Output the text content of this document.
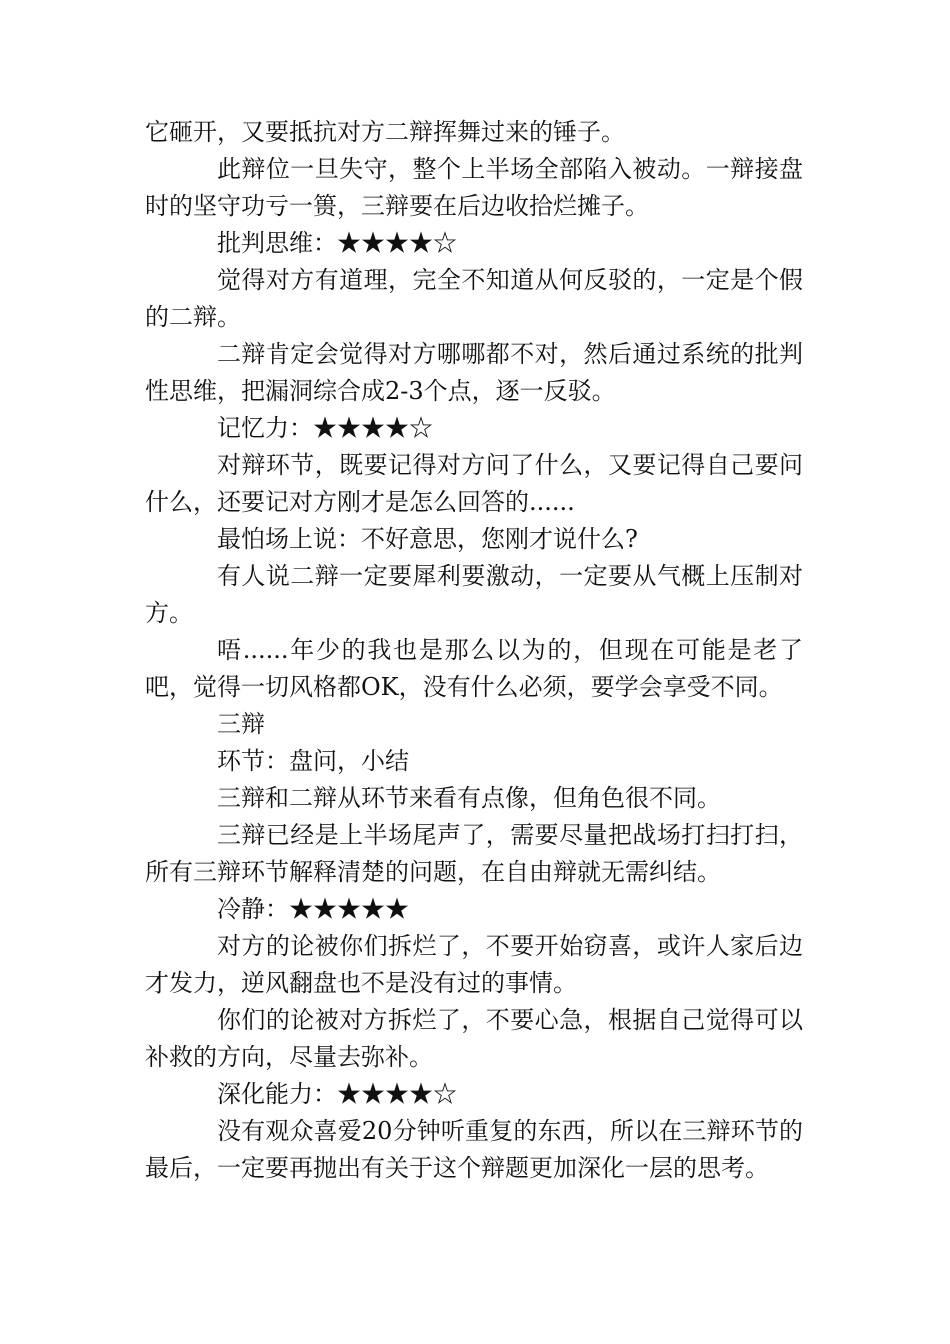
它砸开，又要抵抗对方二辩挥舞过来的锤子。

此辩位一旦失守，整个上半场全部陷入被动。一辩接盘时的坚守功亏一篑，三辩要在后边收拾烂摊子。

批判思维：★★★★☆

觉得对方有道理，完全不知道从何反驳的，一定是个假的二辩。

二辩肯定会觉得对方哪哪都不对，然后通过系统的批判性思维，把漏洞综合成2-3个点，逐一反驳。

记忆力：★★★★☆

对辩环节，既要记得对方问了什么，又要记得自己要问什么，还要记对方刚才是怎么回答的......

最怕场上说：不好意思，您刚才说什么?

有人说二辩一定要犀利要激动，一定要从气概上压制对方。

唔......年少的我也是那么以为的，但现在可能是老了吧，觉得一切风格都OK，没有什么必须，要学会享受不同。

三辩

环节：盘问，小结

三辩和二辩从环节来看有点像，但角色很不同。

三辩已经是上半场尾声了，需要尽量把战场打扫打扫，所有三辩环节解释清楚的问题，在自由辩就无需纠结。

冷静：★★★★★

对方的论被你们拆烂了，不要开始窃喜，或许人家后边才发力，逆风翻盘也不是没有过的事情。

你们的论被对方拆烂了，不要心急，根据自己觉得可以补救的方向，尽量去弥补。

深化能力：★★★★☆

没有观众喜爱20分钟听重复的东西，所以在三辩环节的最后，一定要再抛出有关于这个辩题更加深化一层的思考。
